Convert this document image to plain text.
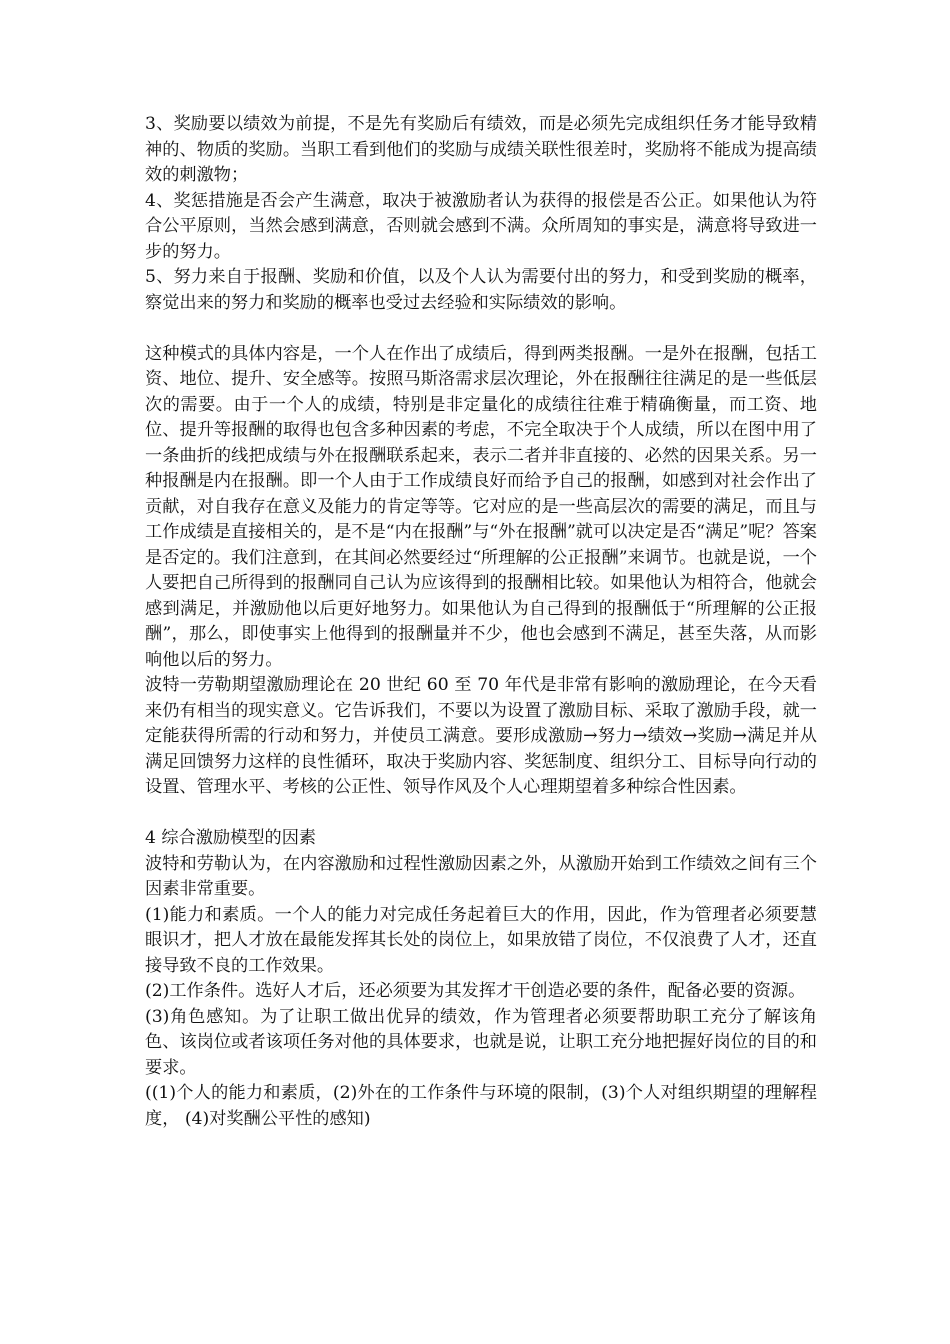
3、奖励要以绩效为前提，不是先有奖励后有绩效，而是必须先完成组织任务才能导致精神的、物质的奖励。当职工看到他们的奖励与成绩关联性很差时，奖励将不能成为提高绩效的刺激物；

4、奖惩措施是否会产生满意，取决于被激励者认为获得的报偿是否公正。如果他认为符合公平原则，当然会感到满意，否则就会感到不满。众所周知的事实是，满意将导致进一步的努力。

5、努力来自于报酬、奖励和价值，以及个人认为需要付出的努力，和受到奖励的概率，察觉出来的努力和奖励的概率也受过去经验和实际绩效的影响。

这种模式的具体内容是，一个人在作出了成绩后，得到两类报酬。一是外在报酬，包括工资、地位、提升、安全感等。按照马斯洛需求层次理论，外在报酬往往满足的是一些低层次的需要。由于一个人的成绩，特别是非定量化的成绩往往难于精确衡量，而工资、地位、提升等报酬的取得也包含多种因素的考虑，不完全取决于个人成绩，所以在图中用了一条曲折的线把成绩与外在报酬联系起来，表示二者并非直接的、必然的因果关系。另一种报酬是内在报酬。即一个人由于工作成绩良好而给予自己的报酬，如感到对社会作出了贡献，对自我存在意义及能力的肯定等等。它对应的是一些高层次的需要的满足，而且与工作成绩是直接相关的，是不是“内在报酬”与“外在报酬”就可以决定是否“满足”呢？答案是否定的。我们注意到，在其间必然要经过“所理解的公正报酬”来调节。也就是说，一个人要把自己所得到的报酬同自己认为应该得到的报酬相比较。如果他认为相符合，他就会感到满足，并激励他以后更好地努力。如果他认为自己得到的报酬低于“所理解的公正报酬”，那么，即使事实上他得到的报酬量并不少，他也会感到不满足，甚至失落，从而影响他以后的努力。

波特一劳勒期望激励理论在 20 世纪 60 至 70 年代是非常有影响的激励理论，在今天看来仍有相当的现实意义。它告诉我们，不要以为设置了激励目标、采取了激励手段，就一定能获得所需的行动和努力，并使员工满意。要形成激励→努力→绩效→奖励→满足并从满足回馈努力这样的良性循环，取决于奖励内容、奖惩制度、组织分工、目标导向行动的设置、管理水平、考核的公正性、领导作风及个人心理期望着多种综合性因素。

4 综合激励模型的因素

波特和劳勒认为，在内容激励和过程性激励因素之外，从激励开始到工作绩效之间有三个因素非常重要。

(1)能力和素质。一个人的能力对完成任务起着巨大的作用，因此，作为管理者必须要慧眼识才，把人才放在最能发挥其长处的岗位上，如果放错了岗位，不仅浪费了人才，还直接导致不良的工作效果。

(2)工作条件。选好人才后，还必须要为其发挥才干创造必要的条件，配备必要的资源。

(3)角色感知。为了让职工做出优异的绩效，作为管理者必须要帮助职工充分了解该角色、该岗位或者该项任务对他的具体要求，也就是说，让职工充分地把握好岗位的目的和要求。

((1)个人的能力和素质，(2)外在的工作条件与环境的限制，(3)个人对组织期望的理解程度， (4)对奖酬公平性的感知)
